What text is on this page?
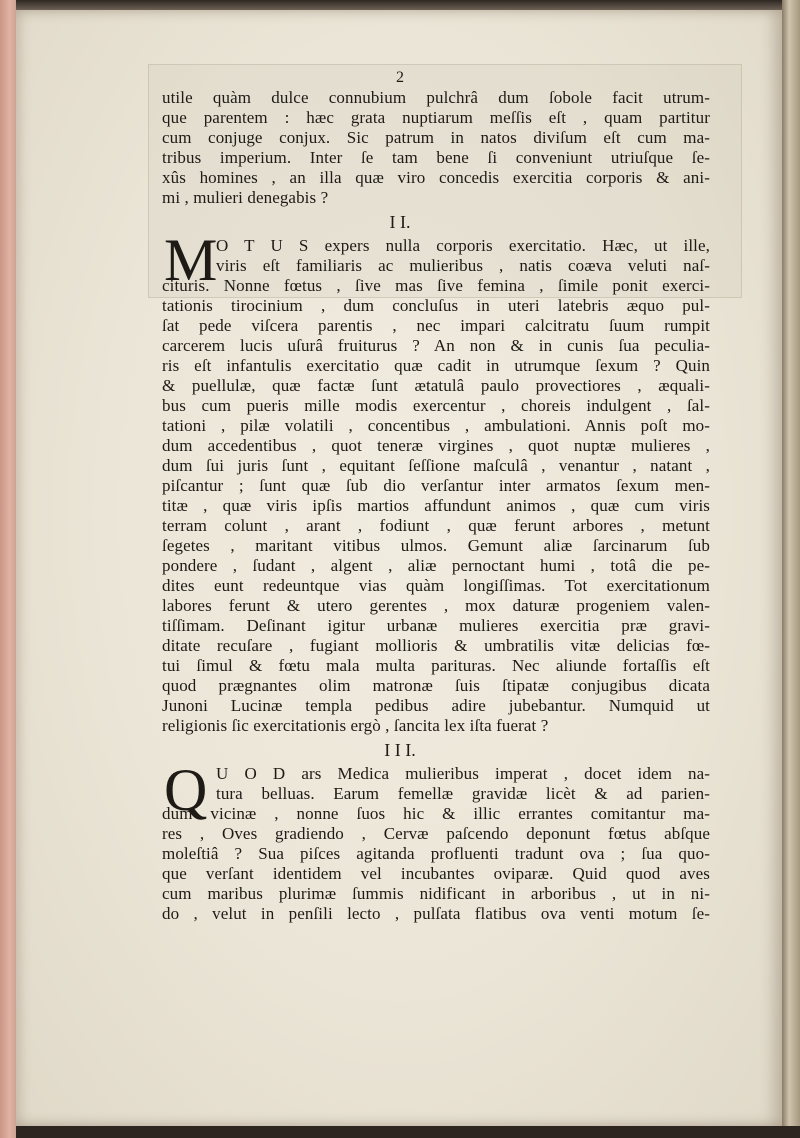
2
utile quàm dulce connubium pulchrâ dum ſobole facit utrum-
que parentem : hæc grata nuptiarum meſſis eſt , quam partitur
cum conjuge conjux. Sic patrum in natos diviſum eſt cum ma-
tribus imperium. Inter ſe tam bene ſi conveniunt utriuſque ſe-
xûs homines , an illa quæ viro concedis exercitia corporis & ani-
mi , mulieri denegabis ?
I I.
M
O T U S expers nulla corporis exercitatio. Hæc, ut ille,
viris eſt familiaris ac mulieribus , natis coæva veluti naſ-
cituris. Nonne fœtus , ſive mas ſive femina , ſimile ponit exerci-
tationis tirocinium , dum concluſus in uteri latebris æquo pul-
ſat pede viſcera parentis , nec impari calcitratu ſuum rumpit
carcerem lucis uſurâ fruiturus ? An non & in cunis ſua peculia-
ris eſt infantulis exercitatio quæ cadit in utrumque ſexum ? Quin
& puellulæ, quæ factæ ſunt ætatulâ paulo provectiores , æquali-
bus cum pueris mille modis exercentur , choreis indulgent , ſal-
tationi , pilæ volatili , concentibus , ambulationi. Annis poſt mo-
dum accedentibus , quot teneræ virgines , quot nuptæ mulieres ,
dum ſui juris ſunt , equitant ſeſſione maſculâ , venantur , natant ,
piſcantur ; ſunt quæ ſub dio verſantur inter armatos ſexum men-
titæ , quæ viris ipſis martios affundunt animos , quæ cum viris
terram colunt , arant , fodiunt , quæ ferunt arbores , metunt
ſegetes , maritant vitibus ulmos. Gemunt aliæ ſarcinarum ſub
pondere , ſudant , algent , aliæ pernoctant humi , totâ die pe-
dites eunt redeuntque vias quàm longiſſimas. Tot exercitationum
labores ferunt & utero gerentes , mox daturæ progeniem valen-
tiſſimam. Deſinant igitur urbanæ mulieres exercitia præ gravi-
ditate recuſare , fugiant mollioris & umbratilis vitæ delicias fœ-
tui ſimul & fœtu mala multa parituras. Nec aliunde fortaſſis eſt
quod prægnantes olim matronæ ſuis ſtipatæ conjugibus dicata
Junoni Lucinæ templa pedibus adire jubebantur. Numquid ut
religionis ſic exercitationis ergò , ſancita lex iſta fuerat ?
I I I.
Q U O D ars Medica mulieribus imperat , docet idem na-
tura belluas. Earum femellæ gravidæ licèt & ad parien-
dum vicinæ , nonne ſuos hic & illic errantes comitantur ma-
res , Oves gradiendo , Cervæ paſcendo deponunt fœtus abſque
moleſtiâ ? Sua piſces agitanda profluenti tradunt ova ; ſua quo-
que verſant identidem vel incubantes oviparæ. Quid quod aves
cum maribus plurimæ ſummis nidificant in arboribus , ut in ni-
do , velut in penſili lecto , pulſata flatibus ova venti motum ſe-
